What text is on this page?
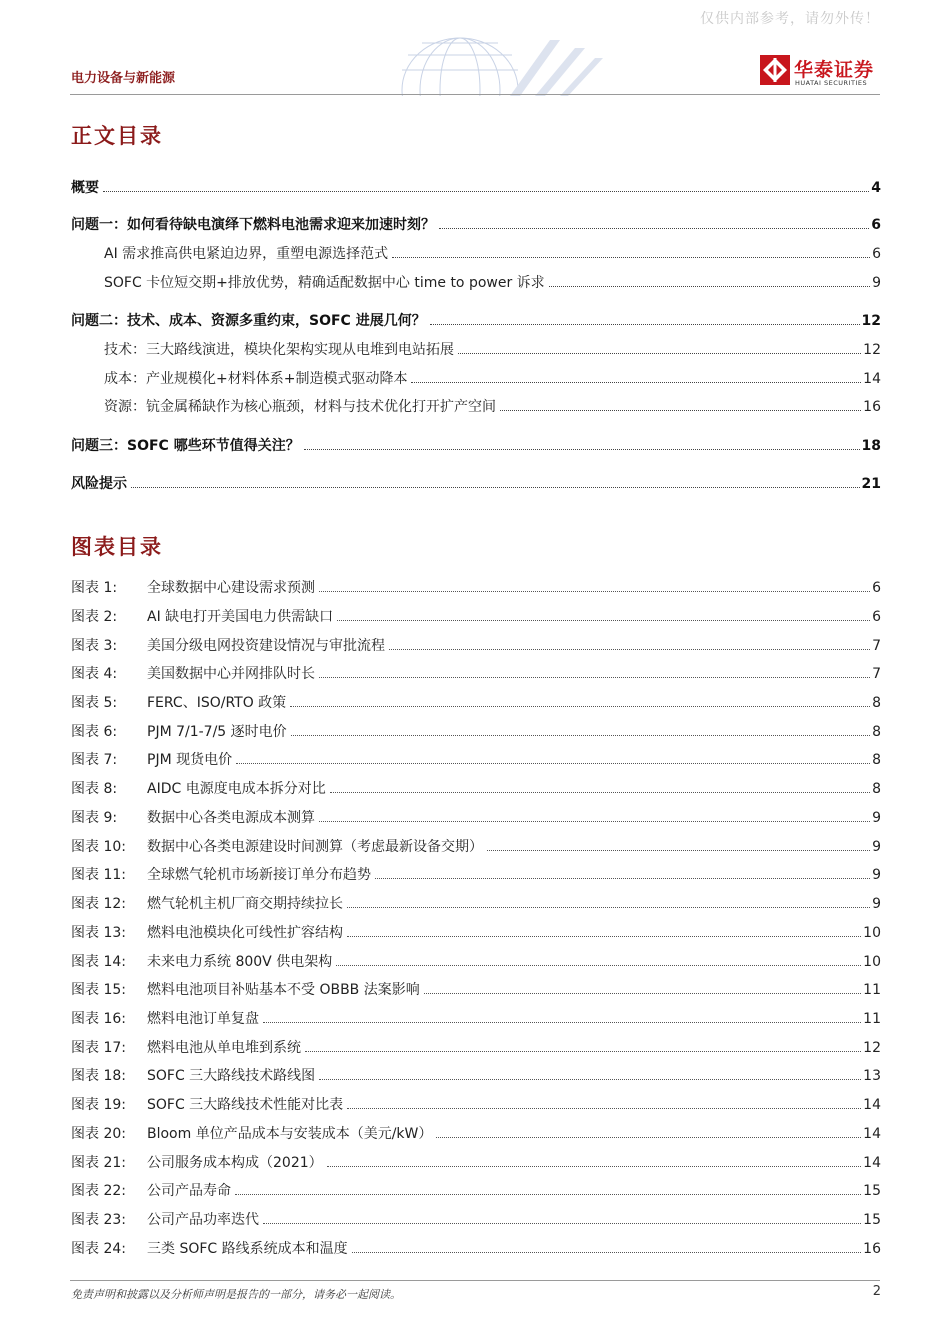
仅供内部参考，请勿外传！
电力设备与新能源	华泰证券
HUATAI SECURITIES
正文目录
概要	4
问题一：如何看待缺电演绎下燃料电池需求迎来加速时刻？	6
AI 需求推高供电紧迫边界，重塑电源选择范式	6
SOFC 卡位短交期+排放优势，精确适配数据中心 time to power 诉求	9
问题二：技术、成本、资源多重约束，SOFC 进展几何？	12
技术：三大路线演进，模块化架构实现从电堆到电站拓展	12
成本：产业规模化+材料体系+制造模式驱动降本	14
资源：钪金属稀缺作为核心瓶颈，材料与技术优化打开扩产空间	16
问题三：SOFC 哪些环节值得关注？	18
风险提示	21
图表目录
图表 1:	全球数据中心建设需求预测	6
图表 2:	AI 缺电打开美国电力供需缺口	6
图表 3:	美国分级电网投资建设情况与审批流程	7
图表 4:	美国数据中心并网排队时长	7
图表 5:	FERC、ISO/RTO 政策	8
图表 6:	PJM 7/1-7/5 逐时电价	8
图表 7:	PJM 现货电价	8
图表 8:	AIDC 电源度电成本拆分对比	8
图表 9:	数据中心各类电源成本测算	9
图表 10:	数据中心各类电源建设时间测算（考虑最新设备交期）	9
图表 11:	全球燃气轮机市场新接订单分布趋势	9
图表 12:	燃气轮机主机厂商交期持续拉长	9
图表 13:	燃料电池模块化可线性扩容结构	10
图表 14:	未来电力系统 800V 供电架构	10
图表 15:	燃料电池项目补贴基本不受 OBBB 法案影响	11
图表 16:	燃料电池订单复盘	11
图表 17:	燃料电池从单电堆到系统	12
图表 18:	SOFC 三大路线技术路线图	13
图表 19:	SOFC 三大路线技术性能对比表	14
图表 20:	Bloom 单位产品成本与安装成本（美元/kW）	14
图表 21:	公司服务成本构成（2021）	14
图表 22:	公司产品寿命	15
图表 23:	公司产品功率迭代	15
图表 24:	三类 SOFC 路线系统成本和温度	16
免责声明和披露以及分析师声明是报告的一部分，请务必一起阅读。	2
